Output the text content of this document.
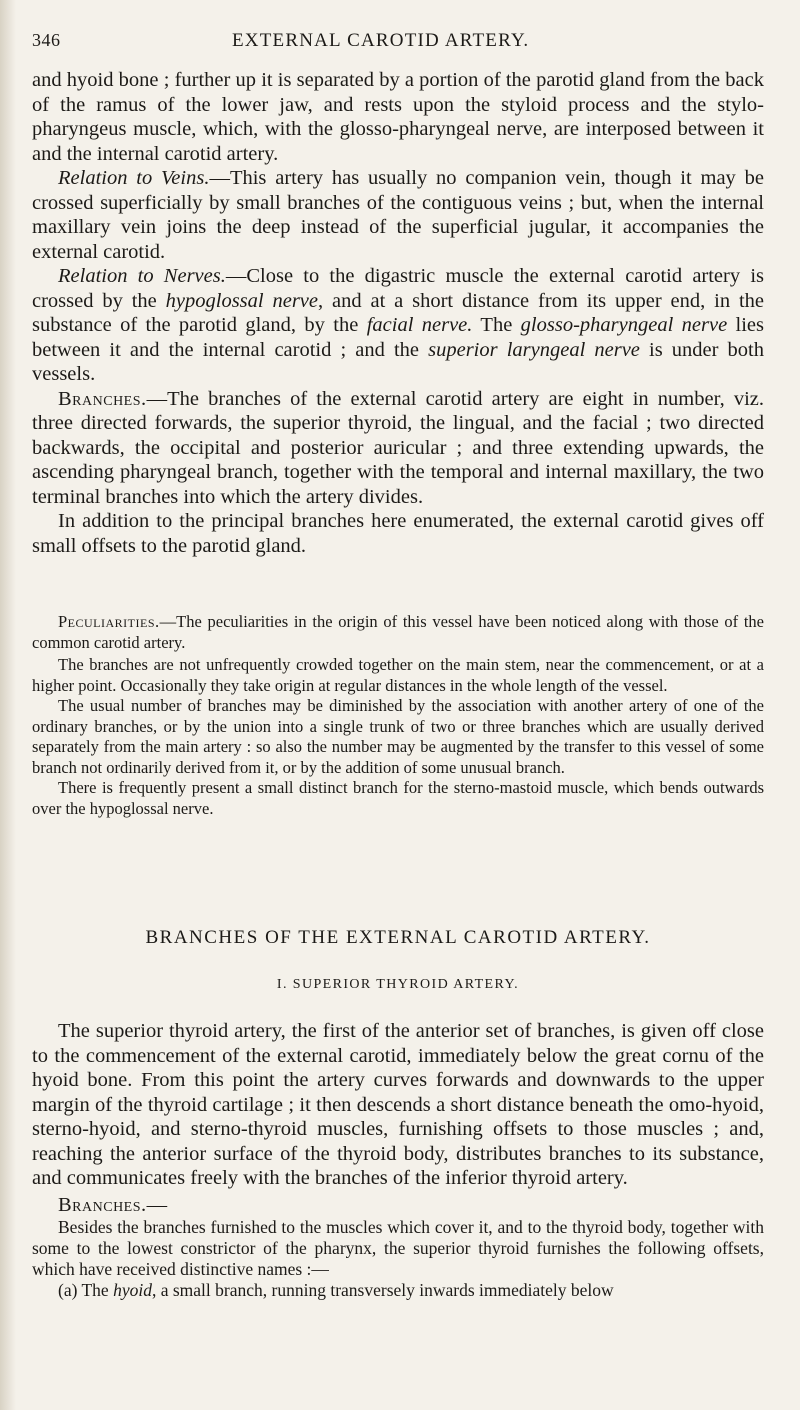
346	EXTERNAL CAROTID ARTERY.

and hyoid bone ; further up it is separated by a portion of the parotid gland from the back of the ramus of the lower jaw, and rests upon the styloid process and the stylo-pharyngeus muscle, which, with the glosso-pharyngeal nerve, are interposed between it and the internal carotid artery.

Relation to Veins.—This artery has usually no companion vein, though it may be crossed superficially by small branches of the contiguous veins ; but, when the internal maxillary vein joins the deep instead of the superficial jugular, it accompanies the external carotid.

Relation to Nerves.—Close to the digastric muscle the external carotid artery is crossed by the hypoglossal nerve, and at a short distance from its upper end, in the substance of the parotid gland, by the facial nerve. The glosso-pharyngeal nerve lies between it and the internal carotid ; and the superior laryngeal nerve is under both vessels.

Branches.—The branches of the external carotid artery are eight in number, viz. three directed forwards, the superior thyroid, the lingual, and the facial ; two directed backwards, the occipital and posterior auricular ; and three extending upwards, the ascending pharyngeal branch, together with the temporal and internal maxillary, the two terminal branches into which the artery divides.

In addition to the principal branches here enumerated, the external carotid gives off small offsets to the parotid gland.

Peculiarities.—The peculiarities in the origin of this vessel have been noticed along with those of the common carotid artery.

The branches are not unfrequently crowded together on the main stem, near the commencement, or at a higher point. Occasionally they take origin at regular distances in the whole length of the vessel.

The usual number of branches may be diminished by the association with another artery of one of the ordinary branches, or by the union into a single trunk of two or three branches which are usually derived separately from the main artery : so also the number may be augmented by the transfer to this vessel of some branch not ordinarily derived from it, or by the addition of some unusual branch.

There is frequently present a small distinct branch for the sterno-mastoid muscle, which bends outwards over the hypoglossal nerve.

BRANCHES OF THE EXTERNAL CAROTID ARTERY.
I. SUPERIOR THYROID ARTERY.

The superior thyroid artery, the first of the anterior set of branches, is given off close to the commencement of the external carotid, immediately below the great cornu of the hyoid bone. From this point the artery curves forwards and downwards to the upper margin of the thyroid cartilage ; it then descends a short distance beneath the omo-hyoid, sterno-hyoid, and sterno-thyroid muscles, furnishing offsets to those muscles ; and, reaching the anterior surface of the thyroid body, distributes branches to its substance, and communicates freely with the branches of the inferior thyroid artery.

Branches.—

Besides the branches furnished to the muscles which cover it, and to the thyroid body, together with some to the lowest constrictor of the pharynx, the superior thyroid furnishes the following offsets, which have received distinctive names :—

(a) The hyoid, a small branch, running transversely inwards immediately below
